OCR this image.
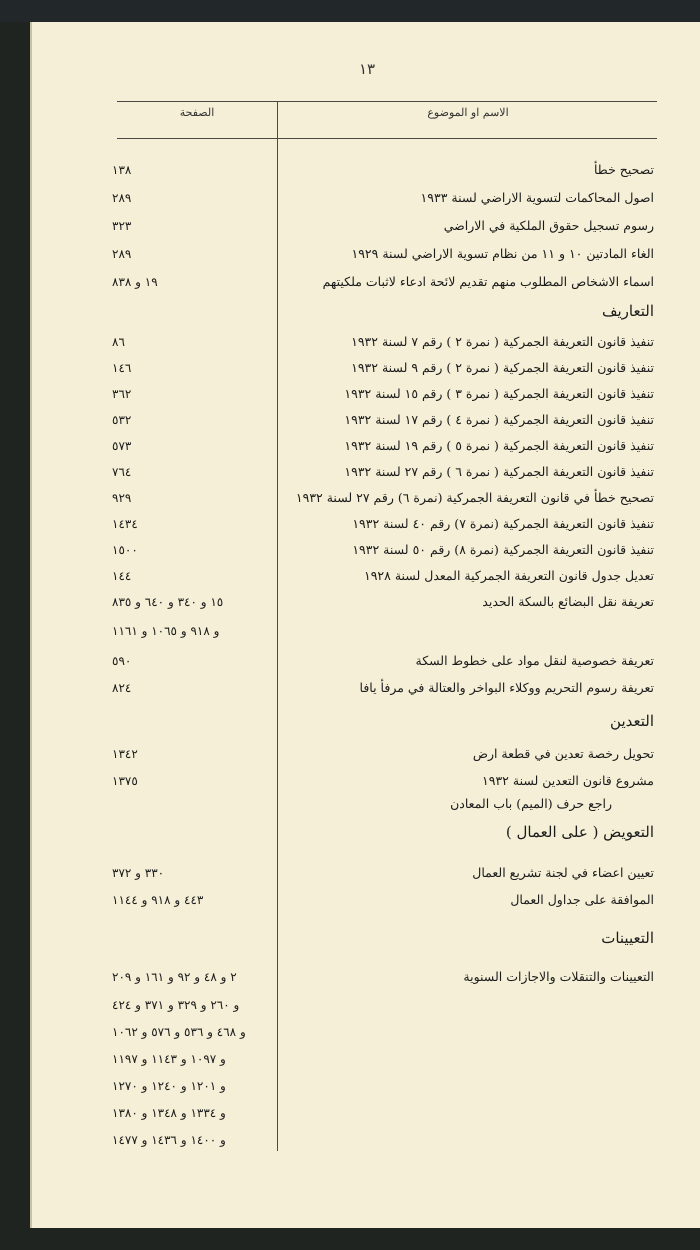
١٣
الصفحة	الاسم او الموضوع
تصحيح خطأ
١٣٨
اصول المحاكمات لتسوية الاراضي لسنة ١٩٣٣
٢٨٩
رسوم تسجيل حقوق الملكية في الاراضي
٣٢٣
الغاء المادتين ١٠ و ١١ من نظام تسوية الاراضي لسنة ١٩٢٩
٢٨٩
اسماء الاشخاص المطلوب منهم تقديم لائحة ادعاء لاثبات ملكيتهم
١٩ و ٨٣٨
التعاريف
تنفيذ قانون التعريفة الجمركية ( نمرة ٢ ) رقم ٧ لسنة ١٩٣٢
٨٦
تنفيذ قانون التعريفة الجمركية ( نمرة ٢ ) رقم ٩ لسنة ١٩٣٢
١٤٦
تنفيذ قانون التعريفة الجمركية ( نمرة ٣ ) رقم ١٥ لسنة ١٩٣٢
٣٦٢
تنفيذ قانون التعريفة الجمركية ( نمرة ٤ ) رقم ١٧ لسنة ١٩٣٢
٥٣٢
تنفيذ قانون التعريفة الجمركية ( نمرة ٥ ) رقم ١٩ لسنة ١٩٣٢
٥٧٣
تنفيذ قانون التعريفة الجمركية ( نمرة ٦ ) رقم ٢٧ لسنة ١٩٣٢
٧٦٤
تصحيح خطأ في قانون التعريفة الجمركية (نمرة ٦) رقم ٢٧ لسنة ١٩٣٢
٩٢٩
تنفيذ قانون التعريفة الجمركية (نمرة ٧) رقم ٤٠ لسنة ١٩٣٢
١٤٣٤
تنفيذ قانون التعريفة الجمركية (نمرة ٨) رقم ٥٠ لسنة ١٩٣٢
١٥٠٠
تعديل جدول قانون التعريفة الجمركية المعدل لسنة ١٩٢٨
١٤٤
تعريفة نقل البضائع بالسكة الحديد
١٥ و ٣٤٠ و ٦٤٠ و ٨٣٥
و ٩١٨ و ١٠٦٥ و ١١٦١
تعريفة خصوصية لنقل مواد على خطوط السكة
٥٩٠
تعريفة رسوم التحريم ووكلاء البواخر والعتالة في مرفأ يافا
٨٢٤
التعدين
تحويل رخصة تعدين في قطعة ارض
١٣٤٢
مشروع قانون التعدين لسنة ١٩٣٢
١٣٧٥
راجع حرف (الميم) باب المعادن
التعويض ( على العمال )
تعيين اعضاء في لجنة تشريع العمال
٣٣٠ و ٣٧٢
الموافقة على جداول العمال
٤٤٣ و ٩١٨ و ١١٤٤
التعيينات
التعيينات والتنقلات والاجازات السنوية
٢ و ٤٨ و ٩٢ و ١٦١ و ٢٠٩
و ٢٦٠ و ٣٢٩ و ٣٧١ و ٤٢٤
و ٤٦٨ و ٥٣٦ و ٥٧٦ و ١٠٦٢
و ١٠٩٧ و ١١٤٣ و ١١٩٧
و ١٢٠١ و ١٢٤٠ و ١٢٧٠
و ١٣٣٤ و ١٣٤٨ و ١٣٨٠
و ١٤٠٠ و ١٤٣٦ و ١٤٧٧
